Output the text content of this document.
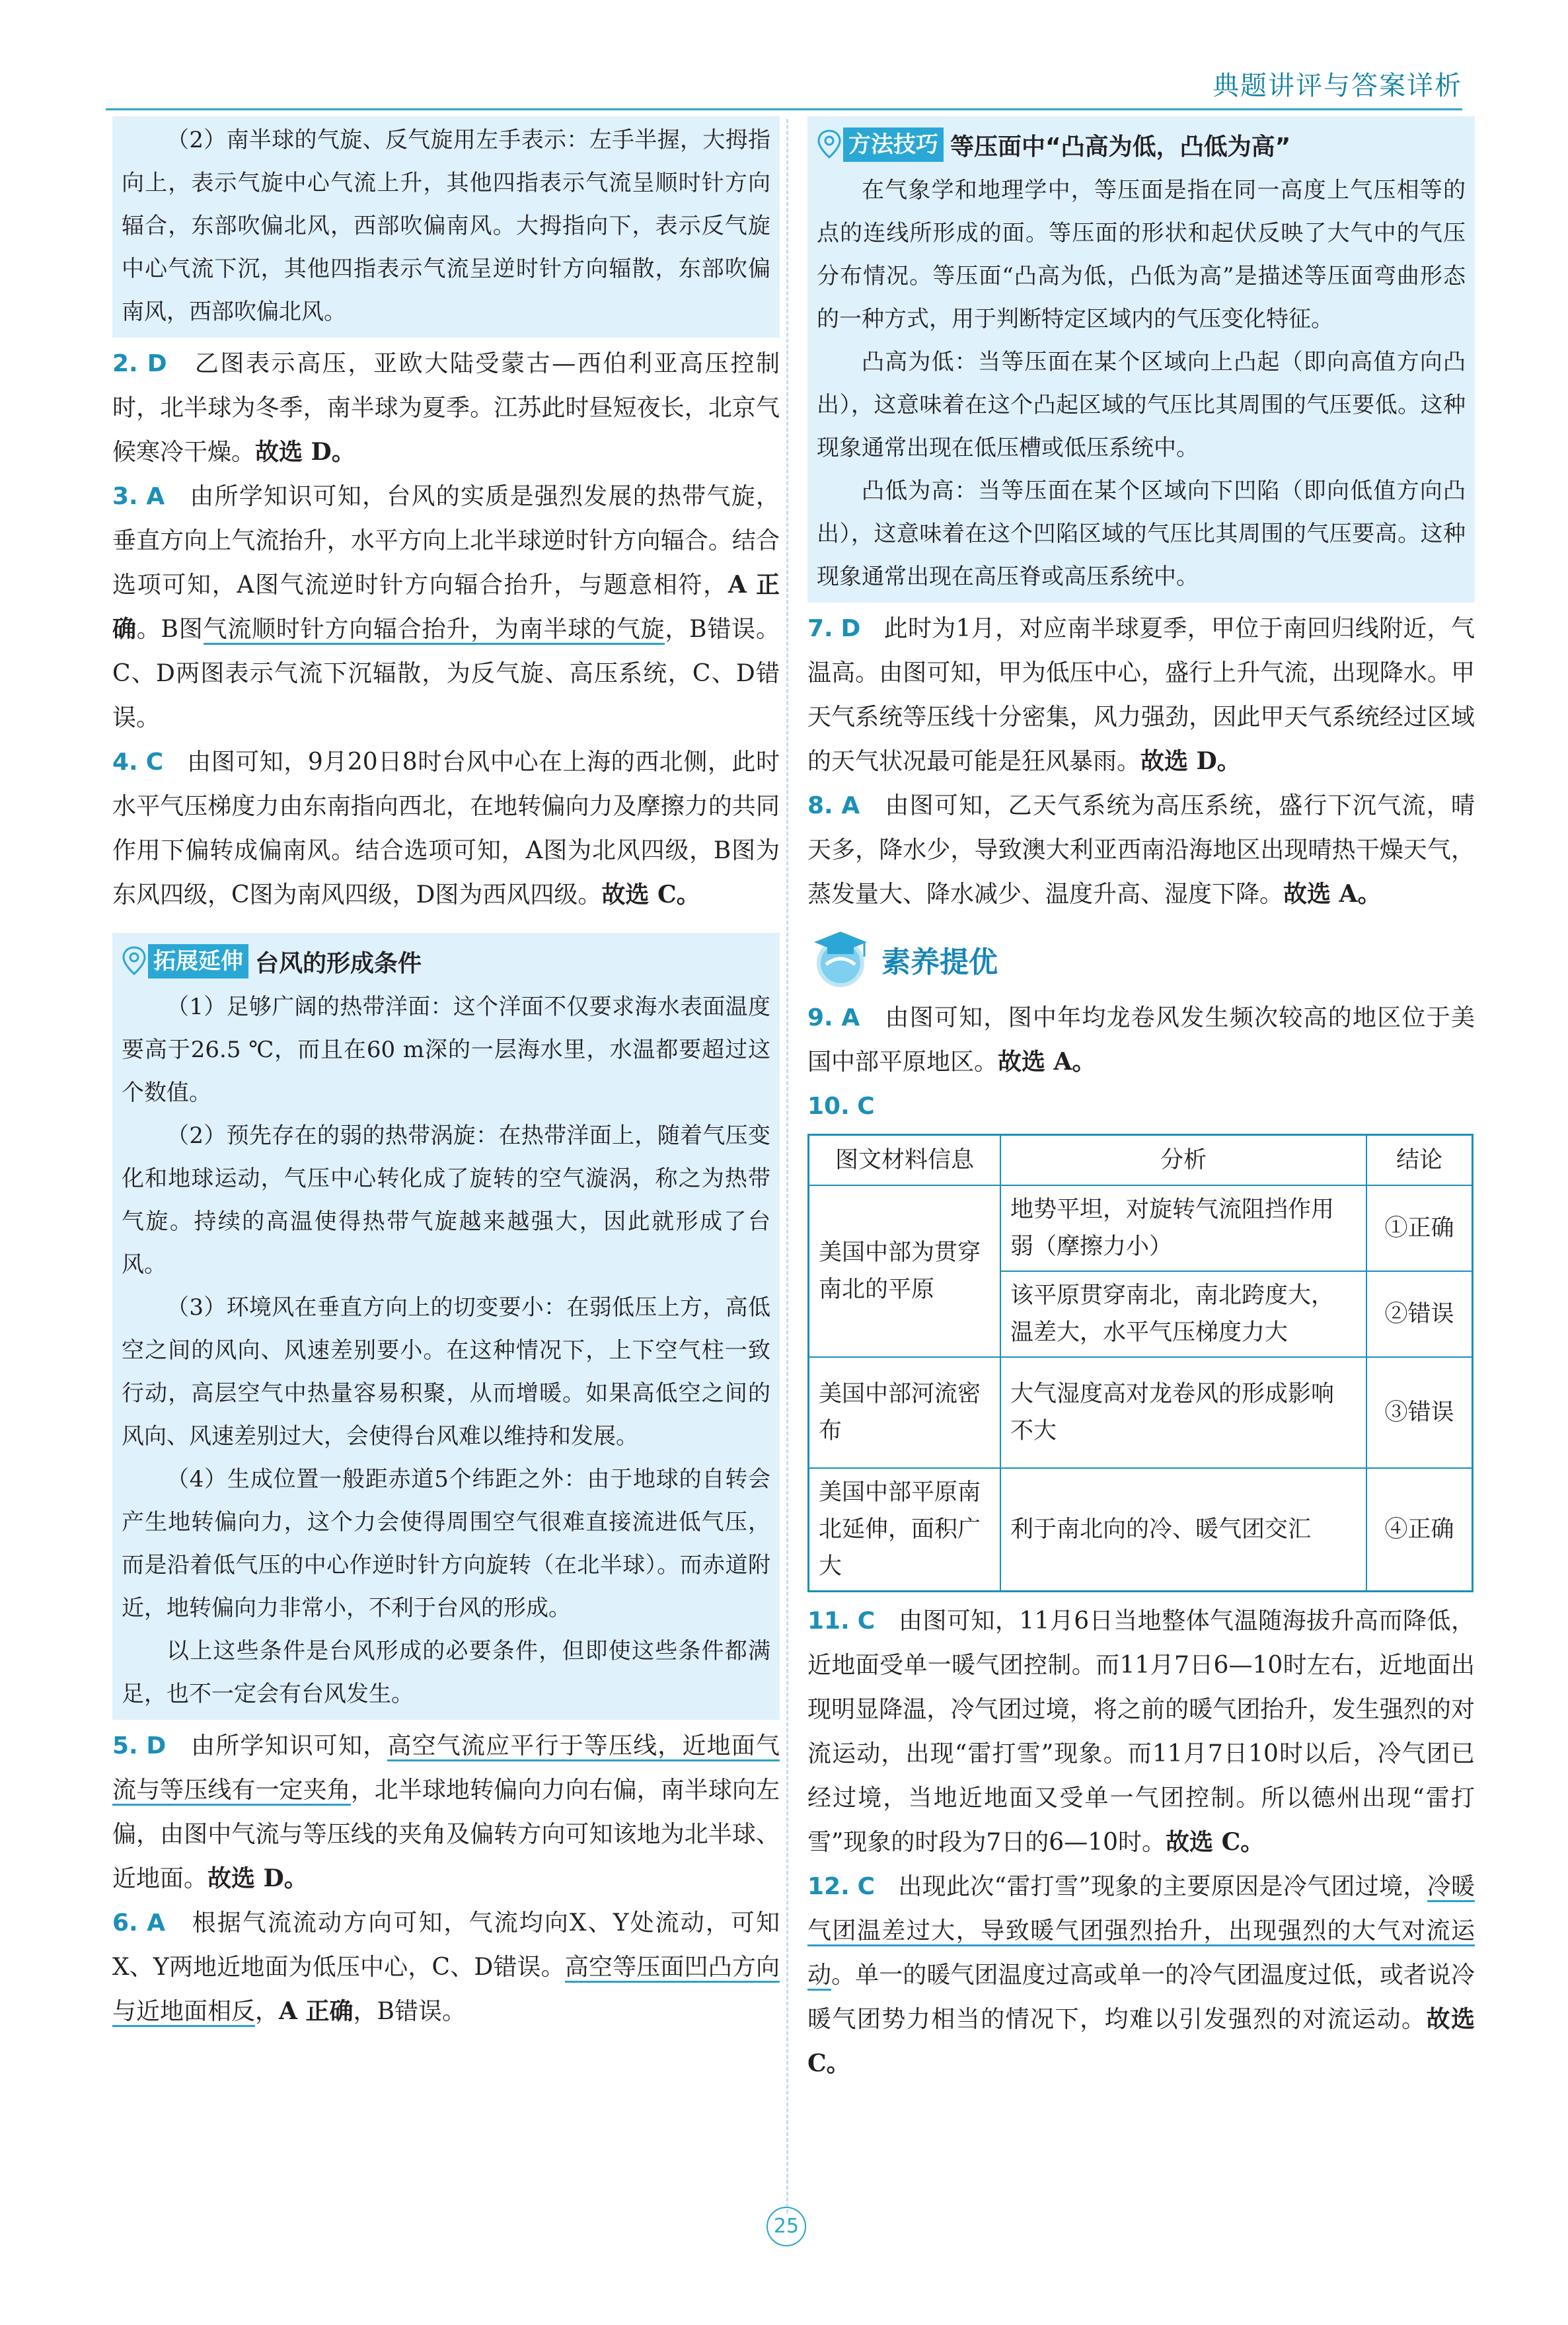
典题讲评与答案详析

（2）南半球的气旋、反气旋用左手表示：左手半握，大拇指向上，表示气旋中心气流上升，其他四指表示气流呈顺时针方向辐合，东部吹偏北风，西部吹偏南风。大拇指向下，表示反气旋中心气流下沉，其他四指表示气流呈逆时针方向辐散，东部吹偏南风，西部吹偏北风。

2. D 乙图表示高压，亚欧大陆受蒙古—西伯利亚高压控制时，北半球为冬季，南半球为夏季。江苏此时昼短夜长，北京气候寒冷干燥。故选 D。

3. A 由所学知识可知，台风的实质是强烈发展的热带气旋，垂直方向上气流抬升，水平方向上北半球逆时针方向辐合。结合选项可知，A图气流逆时针方向辐合抬升，与题意相符，A 正确。B图气流顺时针方向辐合抬升，为南半球的气旋，B错误。C、D两图表示气流下沉辐散，为反气旋、高压系统，C、D错误。

4. C 由图可知，9月20日8时台风中心在上海的西北侧，此时水平气压梯度力由东南指向西北，在地转偏向力及摩擦力的共同作用下偏转成偏南风。结合选项可知，A图为北风四级，B图为东风四级，C图为南风四级，D图为西风四级。故选 C。

拓展延伸 台风的形成条件

（1）足够广阔的热带洋面：这个洋面不仅要求海水表面温度要高于26.5 ℃，而且在60 m深的一层海水里，水温都要超过这个数值。

（2）预先存在的弱的热带涡旋：在热带洋面上，随着气压变化和地球运动，气压中心转化成了旋转的空气漩涡，称之为热带气旋。持续的高温使得热带气旋越来越强大，因此就形成了台风。

（3）环境风在垂直方向上的切变要小：在弱低压上方，高低空之间的风向、风速差别要小。在这种情况下，上下空气柱一致行动，高层空气中热量容易积聚，从而增暖。如果高低空之间的风向、风速差别过大，会使得台风难以维持和发展。

（4）生成位置一般距赤道5个纬距之外：由于地球的自转会产生地转偏向力，这个力会使得周围空气很难直接流进低气压，而是沿着低气压的中心作逆时针方向旋转（在北半球）。而赤道附近，地转偏向力非常小，不利于台风的形成。

以上这些条件是台风形成的必要条件，但即使这些条件都满足，也不一定会有台风发生。

5. D 由所学知识可知，高空气流应平行于等压线，近地面气流与等压线有一定夹角，北半球地转偏向力向右偏，南半球向左偏，由图中气流与等压线的夹角及偏转方向可知该地为北半球、近地面。故选 D。

6. A 根据气流流动方向可知，气流均向X、Y处流动，可知X、Y两地近地面为低压中心，C、D错误。高空等压面凹凸方向与近地面相反，A 正确，B错误。

方法技巧 等压面中“凸高为低，凸低为高”

在气象学和地理学中，等压面是指在同一高度上气压相等的点的连线所形成的面。等压面的形状和起伏反映了大气中的气压分布情况。等压面“凸高为低，凸低为高”是描述等压面弯曲形态的一种方式，用于判断特定区域内的气压变化特征。

凸高为低：当等压面在某个区域向上凸起（即向高值方向凸出），这意味着在这个凸起区域的气压比其周围的气压要低。这种现象通常出现在低压槽或低压系统中。

凸低为高：当等压面在某个区域向下凹陷（即向低值方向凸出），这意味着在这个凹陷区域的气压比其周围的气压要高。这种现象通常出现在高压脊或高压系统中。

7. D 此时为1月，对应南半球夏季，甲位于南回归线附近，气温高。由图可知，甲为低压中心，盛行上升气流，出现降水。甲天气系统等压线十分密集，风力强劲，因此甲天气系统经过区域的天气状况最可能是狂风暴雨。故选 D。

8. A 由图可知，乙天气系统为高压系统，盛行下沉气流，晴天多，降水少，导致澳大利亚西南沿海地区出现晴热干燥天气，蒸发量大、降水减少、温度升高、湿度下降。故选 A。

素养提优

9. A 由图可知，图中年均龙卷风发生频次较高的地区位于美国中部平原地区。故选 A。

10. C

图文材料信息	分析	结论
美国中部为贯穿南北的平原	地势平坦，对旋转气流阻挡作用弱（摩擦力小）	①正确
	该平原贯穿南北，南北跨度大，温差大，水平气压梯度力大	②错误
美国中部河流密布	大气湿度高对龙卷风的形成影响不大	③错误
美国中部平原南北延伸，面积广大	利于南北向的冷、暖气团交汇	④正确

11. C 由图可知，11月6日当地整体气温随海拔升高而降低，近地面受单一暖气团控制。而11月7日6—10时左右，近地面出现明显降温，冷气团过境，将之前的暖气团抬升，发生强烈的对流运动，出现“雷打雪”现象。而11月7日10时以后，冷气团已经过境，当地近地面又受单一气团控制。所以德州出现“雷打雪”现象的时段为7日的6—10时。故选 C。

12. C 出现此次“雷打雪”现象的主要原因是冷气团过境，冷暖气团温差过大，导致暖气团强烈抬升，出现强烈的大气对流运动。单一的暖气团温度过高或单一的冷气团温度过低，或者说冷暖气团势力相当的情况下，均难以引发强烈的对流运动。故选 C。

25
